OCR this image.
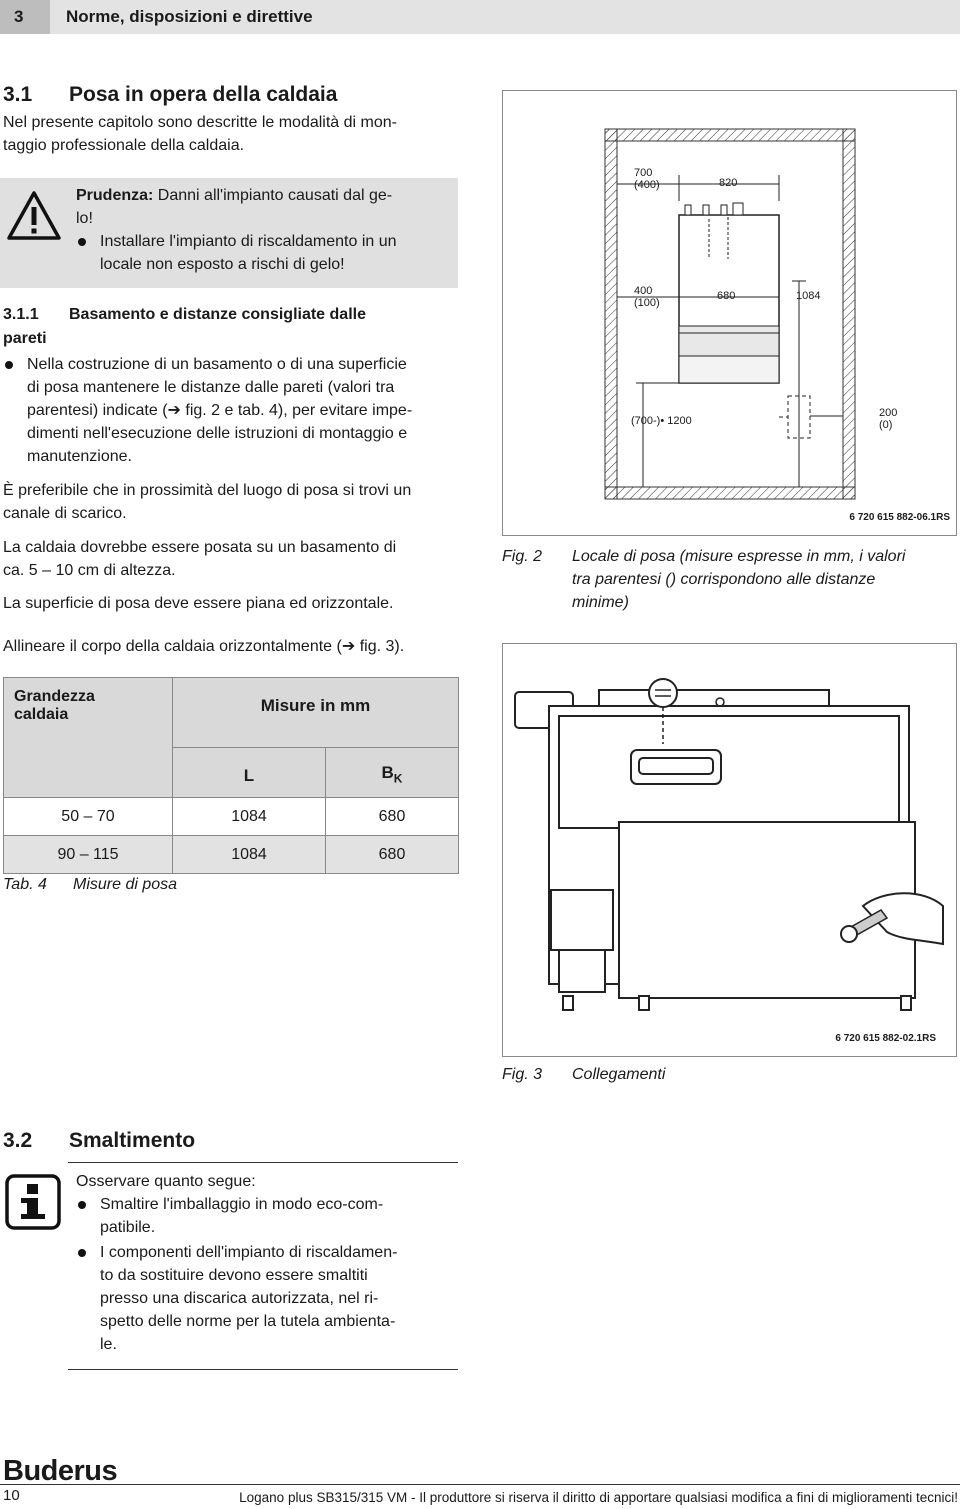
3	Norme, disposizioni e direttive
3.1 Posa in opera della caldaia
Nel presente capitolo sono descritte le modalità di mon-
taggio professionale della caldaia.
Prudenza: Danni all'impianto causati dal ge-
lo!
Installare l'impianto di riscaldamento in un
locale non esposto a rischi di gelo!
3.1.1 Basamento e distanze consigliate dalle
pareti
Nella costruzione di un basamento o di una superficie
di posa mantenere le distanze dalle pareti (valori tra
parentesi) indicate (➔ fig. 2 e tab. 4), per evitare impe-
dimenti nell'esecuzione delle istruzioni di montaggio e
manutenzione.
È preferibile che in prossimità del luogo di posa si trovi un
canale di scarico.
La caldaia dovrebbe essere posata su un basamento di
ca. 5 – 10 cm di altezza.
La superficie di posa deve essere piana ed orizzontale.
Allineare il corpo della caldaia orizzontalmente (➔ fig. 3).
Grandezza
caldaia	Misure in mm	
	L	$B_K$
50 – 70	1084	680
90 – 115	1084	680
Tab. 4 Misure di posa
700
(400)	820
400
(100)
680	1084
(700-)• 1200
200
(0)
6 720 615 882-06.1RS
Fig. 2 Locale di posa (misure espresse in mm, i valori
tra parentesi () corrispondono alle distanze
minime)
6 720 615 882-02.1RS
Fig. 3 Collegamenti
3.2 Smaltimento
Osservare quanto segue:
Smaltire l'imballaggio in modo eco-com-
patibile.
I componenti dell'impianto di riscaldamen-
to da sostituire devono essere smaltiti
presso una discarica autorizzata, nel ri-
spetto delle norme per la tutela ambienta-
le.
Buderus
10	Logano plus SB315/315 VM - Il produttore si riserva il diritto di apportare qualsiasi modifica a fini di miglioramenti tecnici!
